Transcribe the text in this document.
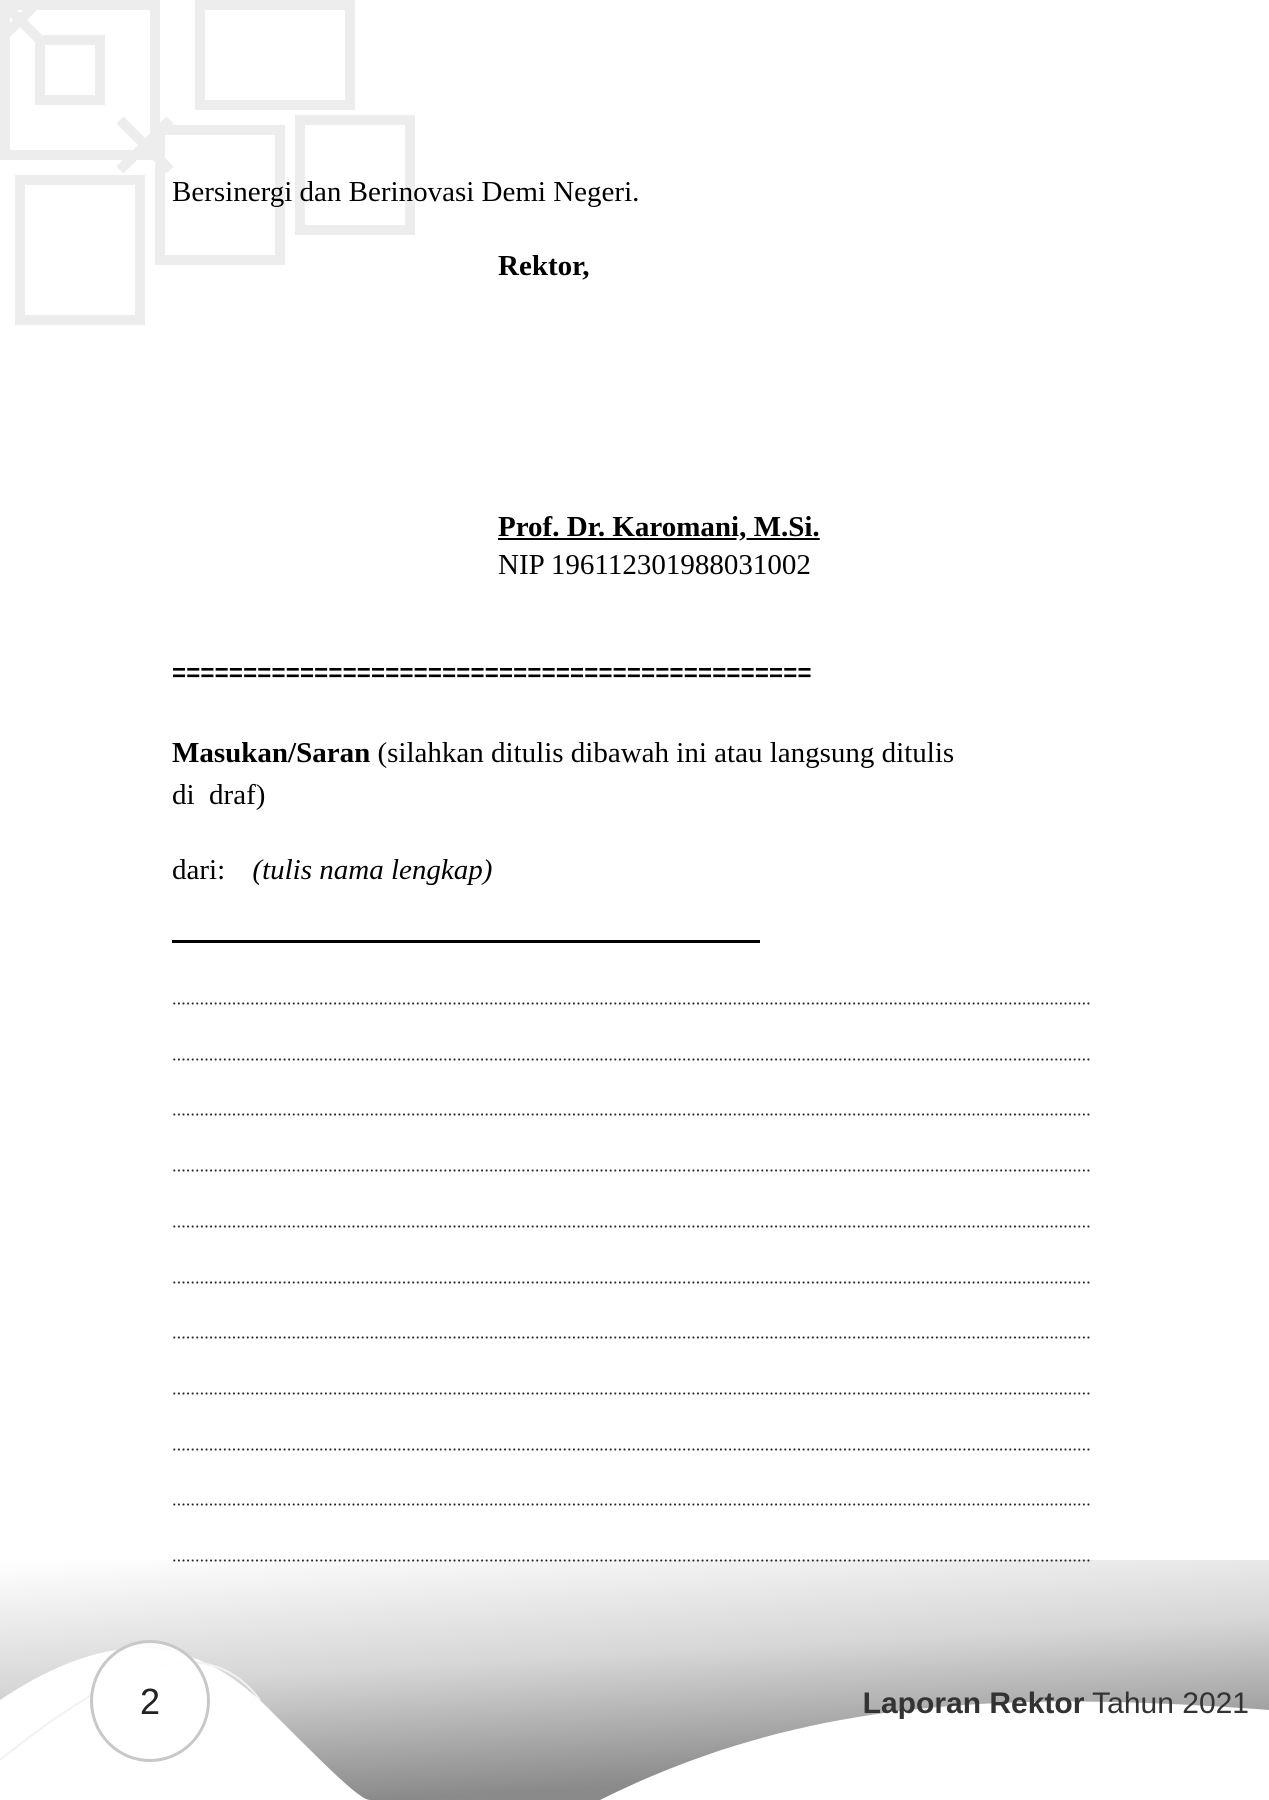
Bersinergi dan Berinovasi Demi Negeri.
Rektor,
Prof. Dr. Karomani, M.Si.
NIP 196112301988031002
=============================================
Masukan/Saran (silahkan ditulis dibawah ini atau langsung ditulis
di  draf)
dari: (tulis nama lengkap)
2	Laporan Rektor Tahun 2021
